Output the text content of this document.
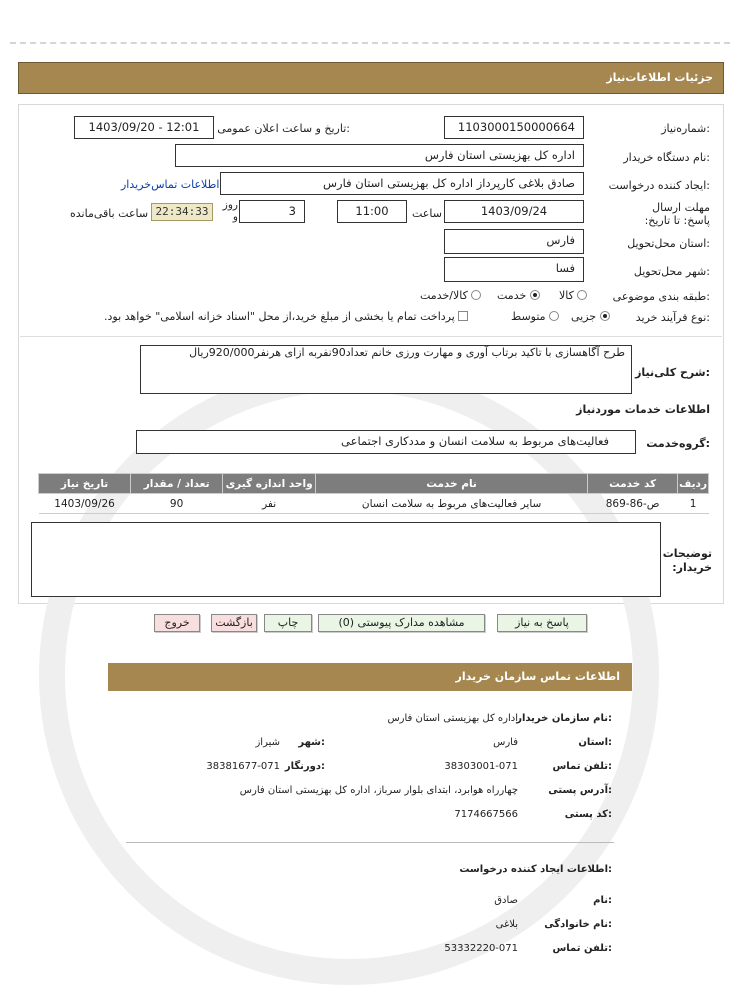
جزئیات اطلاعات‌نیاز
شماره‌نیاز:
1103000150000664
تاریخ و ساعت اعلان عمومی:
1403/09/20 - 12:01
نام دستگاه خریدار:
اداره کل بهزیستی استان فارس
ایجاد کننده درخواست:
صادق بلاغی کارپرداز اداره کل بهزیستی استان فارس
اطلاعات تماس‌خریدار
مهلت ارسال پاسخ: تا تاریخ:
1403/09/24
ساعت
11:00
3
روز و
22:34:33
ساعت باقی‌مانده
استان محل‌تحویل:
فارس
شهر محل‌تحویل:
فسا
طبقه بندی موضوعی:
کالا
خدمت
کالا/خدمت
نوع فرآیند خرید:
جزیی
متوسط
پرداخت تمام یا بخشی از مبلغ خرید،از محل "اسناد خزانه اسلامی" خواهد بود.
شرح کلی‌نیاز:
طرح آگاهسازی با تاکید برتاب آوری و مهارت ورزی خانم تعداد90نفربه ازای هرنفر920/000ریال
اطلاعات خدمات موردنیاز
گروه‌خدمت:
فعالیت‌های مربوط به سلامت انسان و مددکاری اجتماعی
ردیف	کد خدمت	نام خدمت	واحد اندازه گیری	تعداد / مقدار	تاریخ نیاز
1	ص-86-869	سایر فعالیت‌های مربوط به سلامت انسان	نفر	90	1403/09/26
توضیحات خریدار:
پاسخ به نیاز
مشاهده مدارک پیوستی (0)
چاپ
بازگشت
خروج
اطلاعات تماس سازمان خریدار
نام سازمان خریدار:
اداره کل بهزیستی استان فارس
استان:
فارس
شهر:
شیراز
تلفن تماس:
38303001-071
دورنگار:
38381677-071
آدرس پستی:
چهارراه هوابرد، ابتدای بلوار سرباز، اداره کل بهزیستی استان فارس
کد پستی:
7174667566
اطلاعات ایجاد کننده درخواست:
نام:
صادق
نام خانوادگی:
بلاغی
تلفن تماس:
53332220-071
